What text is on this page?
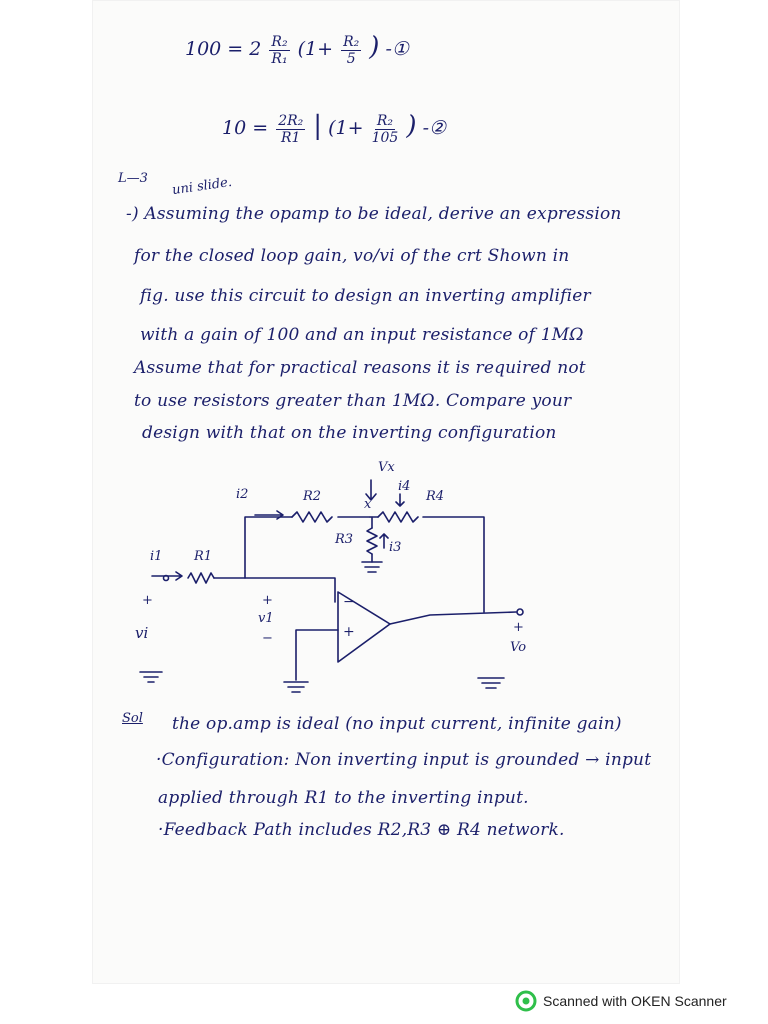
$100 = 2 \frac{\text{R₂}}{\text{R₁}} (1+ \frac{\text{R₂}}{5}$ ) -①
$10 = \frac{\text{2R₂}}{R1}$ | ($1+ \frac{\text{R₂}}{105}$ ) -②
L—3 uni slide.
-) Assuming the opamp to be ideal, derive an expression
for the closed loop gain, vo/vi of the crt Shown in
fig. use this circuit to design an inverting amplifier
with a gain of 100 and an input resistance of 1MΩ
Assume that for practical reasons it is required not
to use resistors greater than 1MΩ. Compare your
design with that on the inverting configuration
Vx
i2	R2
x
i4
R4
R3
i3
i1 R1
+
vi
+
v1
−
−
+	+
Vo
Sol the op.amp is ideal (no input current, infinite gain)
·Configuration: Non inverting input is grounded → input
applied through R1 to the inverting input.
·Feedback Path includes R2,R3 ⊕ R4 network.
Scanned with OKEN Scanner
